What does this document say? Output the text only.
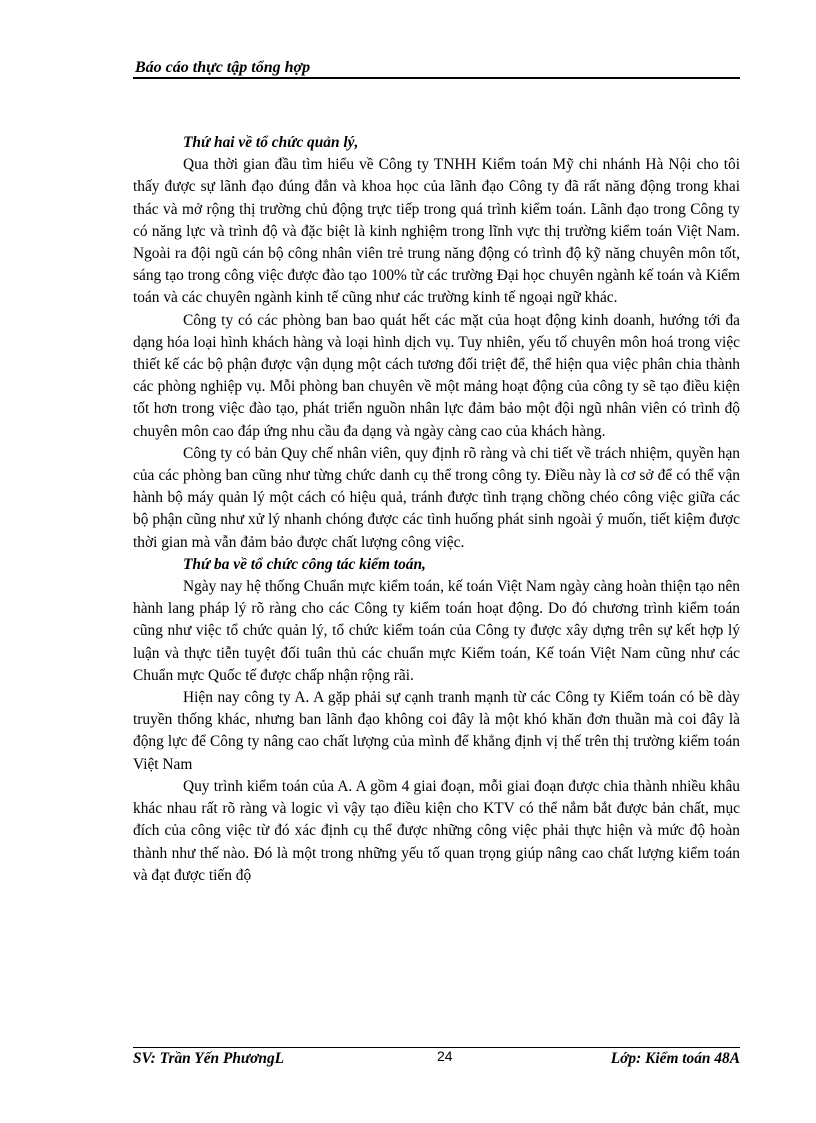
Báo cáo thực tập tổng hợp

Thứ hai về tổ chức quản lý,

Qua thời gian đầu tìm hiểu về Công ty TNHH Kiểm toán Mỹ chi nhánh Hà Nội cho tôi thấy được sự lãnh đạo đúng đắn và khoa học của lãnh đạo Công ty đã rất năng động trong khai thác và mở rộng thị trường chủ động trực tiếp trong quá trình kiểm toán. Lãnh đạo trong Công ty có năng lực và trình độ và đặc biệt là kinh nghiệm trong lĩnh vực thị trường kiểm toán Việt Nam. Ngoài ra đội ngũ cán bộ công nhân viên trẻ trung năng động có trình độ kỹ năng chuyên môn tốt, sáng tạo trong công việc được đào tạo 100% từ các trường Đại học chuyên ngành kế toán và Kiểm toán và các chuyên ngành kinh tế cũng như các trường kinh tế ngoại ngữ khác.

Công ty có các phòng ban bao quát hết các mặt của hoạt động kinh doanh, hướng tới đa dạng hóa loại hình khách hàng và loại hình dịch vụ. Tuy nhiên, yếu tố chuyên môn hoá trong việc thiết kế các bộ phận được vận dụng một cách tương đối triệt để, thể hiện qua việc phân chia thành các phòng nghiệp vụ. Mỗi phòng ban chuyên về một mảng hoạt động của công ty sẽ tạo điều kiện tốt hơn trong việc đào tạo, phát triển nguồn nhân lực đảm bảo một đội ngũ nhân viên có trình độ chuyên môn cao đáp ứng nhu cầu đa dạng và ngày càng cao của khách hàng.

Công ty có bản Quy chế nhân viên, quy định rõ ràng và chi tiết về trách nhiệm, quyền hạn của các phòng ban cũng như từng chức danh cụ thể trong công ty. Điều này là cơ sở để có thể vận hành bộ máy quản lý một cách có hiệu quả, tránh được tình trạng chồng chéo công việc giữa các bộ phận cũng như xử lý nhanh chóng được các tình huống phát sinh ngoài ý muốn, tiết kiệm được thời gian mà vẫn đảm bảo được chất lượng công việc.

Thứ ba về tổ chức công tác kiểm toán,

Ngày nay hệ thống Chuẩn mực kiểm toán, kế toán Việt Nam ngày càng hoàn thiện tạo nên hành lang pháp lý rõ ràng cho các Công ty kiểm toán hoạt động. Do đó chương trình kiểm toán cũng như việc tổ chức quản lý, tổ chức kiểm toán của Công ty được xây dựng trên sự kết hợp lý luận và thực tiễn tuyệt đối tuân thủ các chuẩn mực Kiểm toán, Kế toán Việt Nam cũng như các Chuẩn mực Quốc tế được chấp nhận rộng rãi.

Hiện nay công ty A. A gặp phải sự cạnh tranh mạnh từ các Công ty Kiểm toán có bề dày truyền thống khác, nhưng ban lãnh đạo không coi đây là một khó khăn đơn thuần mà coi đây là động lực để Công ty nâng cao chất lượng của mình để khẳng định vị thế trên thị trường kiểm toán Việt Nam

Quy trình kiểm toán của A. A gồm 4 giai đoạn, mỗi giai đoạn được chia thành nhiều khâu khác nhau rất rõ ràng và logic vì vậy tạo điều kiện cho KTV có thể nắm bắt được bản chất, mục đích của công việc từ đó xác định cụ thể được những công việc phải thực hiện và mức độ hoàn thành như thế nào. Đó là một trong những yếu tố quan trọng giúp nâng cao chất lượng kiểm toán và đạt được tiến độ

SV: Trần Yến PhươngL	24	Lớp: Kiểm toán 48A
